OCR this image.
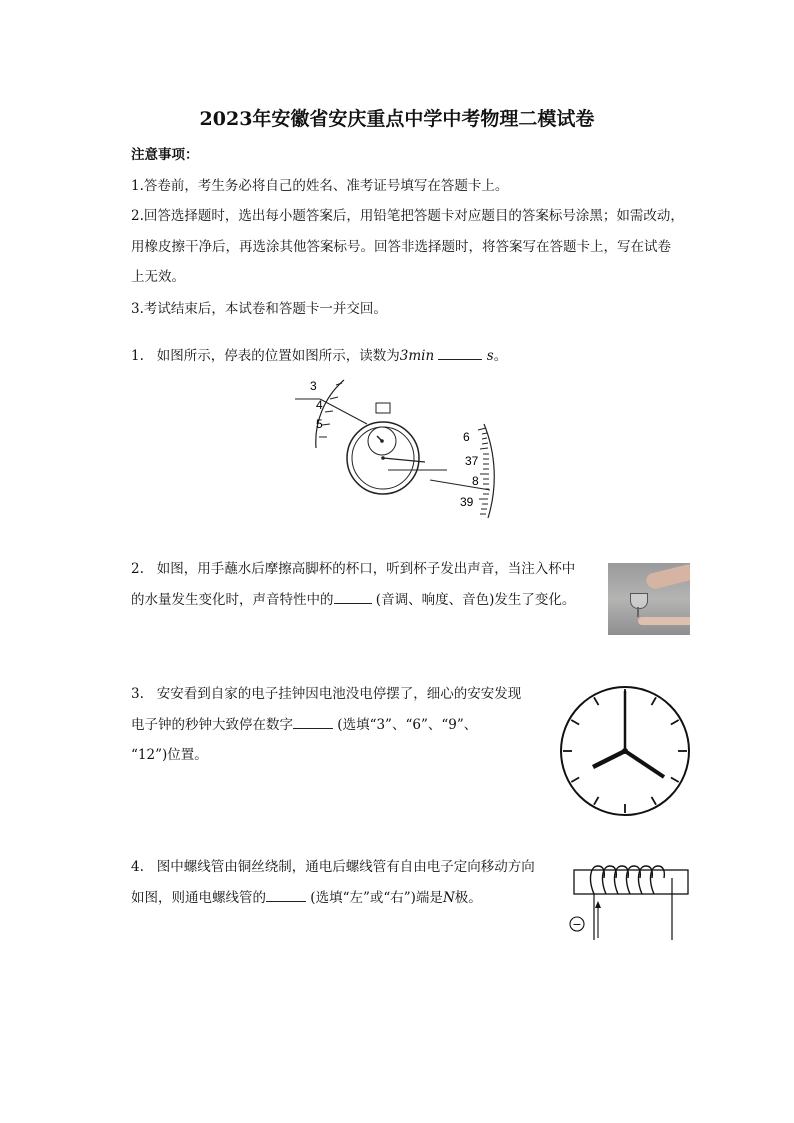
2023年安徽省安庆重点中学中考物理二模试卷
注意事项：
1.答卷前，考生务必将自己的姓名、准考证号填写在答题卡上。
2.回答选择题时，选出每小题答案后，用铅笔把答题卡对应题目的答案标号涂黑；如需改动，
用橡皮擦干净后，再选涂其他答案标号。回答非选择题时，将答案写在答题卡上，写在试卷
上无效。
3.考试结束后，本试卷和答题卡一并交回。
1. 如图所示，停表的位置如图所示，读数为3min	s。
3
4
5
6
37
8
39
2. 如图，用手蘸水后摩擦高脚杯的杯口，听到杯子发出声音，当注入杯中
的水量发生变化时，声音特性中的	(音调、响度、音色)发生了变化。
3. 安安看到自家的电子挂钟因电池没电停摆了，细心的安安发现
电子钟的秒钟大致停在数字	(选填“3”、“6”、“9”、
“12”)位置。
4. 图中螺线管由铜丝绕制，通电后螺线管有自由电子定向移动方向
如图，则通电螺线管的	(选填“左”或“右”)端是N极。
−
